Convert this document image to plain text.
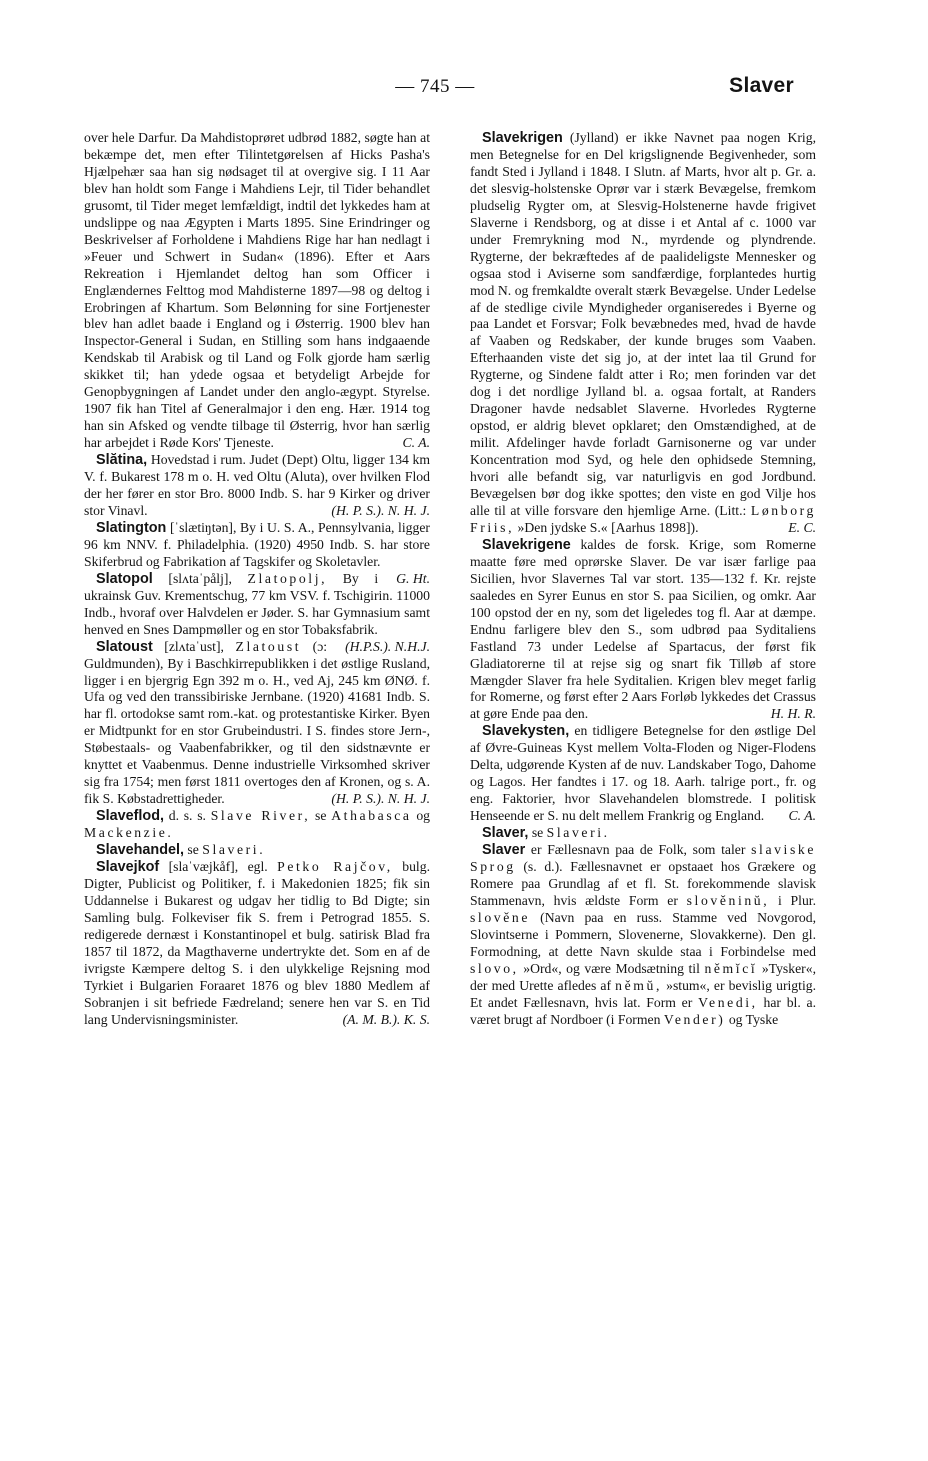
— 745 —	Slaver

over hele Darfur. Da Mahdistoprøret udbrød 1882, søgte han at bekæmpe det, men efter Tilintetgørelsen af Hicks Pasha's Hjælpehær saa han sig nødsaget til at overgive sig. I 11 Aar blev han holdt som Fange i Mahdiens Lejr, til Tider behandlet grusomt, til Tider meget lemfældigt, indtil det lykkedes ham at undslippe og naa Ægypten i Marts 1895. Sine Erindringer og Beskrivelser af Forholdene i Mahdiens Rige har han nedlagt i »Feuer und Schwert in Sudan« (1896). Efter et Aars Rekreation i Hjemlandet deltog han som Officer i Englændernes Felttog mod Mahdisterne 1897—98 og deltog i Erobringen af Khartum. Som Belønning for sine Fortjenester blev han adlet baade i England og i Østerrig. 1900 blev han Inspector-General i Sudan, en Stilling som hans indgaaende Kendskab til Arabisk og til Land og Folk gjorde ham særlig skikket til; han ydede ogsaa et betydeligt Arbejde for Genopbygningen af Landet under den anglo-ægypt. Styrelse. 1907 fik han Titel af Generalmajor i den eng. Hær. 1914 tog han sin Afsked og vendte tilbage til Østerrig, hvor han særlig har arbejdet i Røde Kors' Tjeneste.	C. A.

Slătina, Hovedstad i rum. Judet (Dept) Oltu, ligger 134 km V. f. Bukarest 178 m o. H. ved Oltu (Aluta), over hvilken Flod der her fører en stor Bro. 8000 Indb. S. har 9 Kirker og driver stor Vinavl.	(H. P. S.). N. H. J.

Slatington [ˈslætiŋtən], By i U. S. A., Pennsylvania, ligger 96 km NNV. f. Philadelphia. (1920) 4950 Indb. S. har store Skiferbrud og Fabrikation af Tagskifer og Skoletavler.
G. Ht.

Slatopol [slʌtaˈpålj], Zlatopolj, By i ukrainsk Guv. Krementschug, 77 km VSV. f. Tschigirin. 11000 Indb., hvoraf over Halvdelen er Jøder. S. har Gymnasium samt henved en Snes Dampmøller og en stor Tobaksfabrik.
(H.P.S.). N.H.J.

Slatoust [zlʌtaˈust], Zlatoust (ɔ: Guldmunden), By i Baschkirrepublikken i det østlige Rusland, ligger i en bjergrig Egn 392 m o. H., ved Aj, 245 km ØNØ. f. Ufa og ved den transsibiriske Jernbane. (1920) 41681 Indb. S. har fl. ortodokse samt rom.-kat. og protestantiske Kirker. Byen er Midtpunkt for en stor Grubeindustri. I S. findes store Jern-, Støbestaals- og Vaabenfabrikker, og til den sidstnævnte er knyttet et Vaabenmus. Denne industrielle Virksomhed skriver sig fra 1754; men først 1811 overtoges den af Kronen, og s. A. fik S. Købstadrettigheder.	(H. P. S.). N. H. J.

Slaveflod, d. s. s. Slave River, se Athabasca og Mackenzie.

Slavehandel, se Slaveri.

Slavejkof [slaˈvæjkåf], egl. Petko Rajčov, bulg. Digter, Publicist og Politiker, f. i Makedonien 1825; fik sin Uddannelse i Bukarest og udgav her tidlig to Bd Digte; sin Samling bulg. Folkeviser fik S. frem i Petrograd 1855. S. redigerede dernæst i Konstantinopel et bulg. satirisk Blad fra 1857 til 1872, da Magthaverne undertrykte det. Som en af de ivrigste Kæmpere deltog S. i den ulykkelige Rejsning mod Tyrkiet i Bulgarien Foraaret 1876 og blev 1880 Medlem af Sobranjen i sit befriede Fædreland; senere hen var S. en Tid lang Undervisningsminister.	(A. M. B.). K. S.

Slavekrigen (Jylland) er ikke Navnet paa nogen Krig, men Betegnelse for en Del krigslignende Begivenheder, som fandt Sted i Jylland i 1848. I Slutn. af Marts, hvor alt p. Gr. a. det slesvig-holstenske Oprør var i stærk Bevægelse, fremkom pludselig Rygter om, at Slesvig-Holstenerne havde frigivet Slaverne i Rendsborg, og at disse i et Antal af c. 1000 var under Fremrykning mod N., myrdende og plyndrende. Rygterne, der bekræftedes af de paalideligste Mennesker og ogsaa stod i Aviserne som sandfærdige, forplantedes hurtig mod N. og fremkaldte overalt stærk Bevægelse. Under Ledelse af de stedlige civile Myndigheder organiseredes i Byerne og paa Landet et Forsvar; Folk bevæbnedes med, hvad de havde af Vaaben og Redskaber, der kunde bruges som Vaaben. Efterhaanden viste det sig jo, at der intet laa til Grund for Rygterne, og Sindene faldt atter i Ro; men forinden var det dog i det nordlige Jylland bl. a. ogsaa fortalt, at Randers Dragoner havde nedsablet Slaverne. Hvorledes Rygterne opstod, er aldrig blevet opklaret; den Omstændighed, at de milit. Afdelinger havde forladt Garnisonerne og var under Koncentration mod Syd, og hele den ophidsede Stemning, hvori alle befandt sig, var naturligvis en god Jordbund. Bevægelsen bør dog ikke spottes; den viste en god Vilje hos alle til at ville forsvare den hjemlige Arne. (Litt.: Lønborg Friis, »Den jydske S.« [Aarhus 1898]).	E. C.

Slavekrigene kaldes de forsk. Krige, som Romerne maatte føre med oprørske Slaver. De var især farlige paa Sicilien, hvor Slavernes Tal var stort. 135—132 f. Kr. rejste saaledes en Syrer Eunus en stor S. paa Sicilien, og omkr. Aar 100 opstod der en ny, som det ligeledes tog fl. Aar at dæmpe. Endnu farligere blev den S., som udbrød paa Syditaliens Fastland 73 under Ledelse af Spartacus, der først fik Gladiatorerne til at rejse sig og snart fik Tilløb af store Mængder Slaver fra hele Syditalien. Krigen blev meget farlig for Romerne, og først efter 2 Aars Forløb lykkedes det Crassus at gøre Ende paa den.	H. H. R.

Slavekysten, en tidligere Betegnelse for den østlige Del af Øvre-Guineas Kyst mellem Volta-Floden og Niger-Flodens Delta, udgørende Kysten af de nuv. Landskaber Togo, Dahome og Lagos. Her fandtes i 17. og 18. Aarh. talrige port., fr. og eng. Faktorier, hvor Slavehandelen blomstrede. I politisk Henseende er S. nu delt mellem Frankrig og England.	C. A.

Slaver, se Slaveri.

Slaver er Fællesnavn paa de Folk, som taler slaviske Sprog (s. d.). Fællesnavnet er opstaaet hos Grækere og Romere paa Grundlag af et fl. St. forekommende slavisk Stammenavn, hvis ældste Form er slověninŭ, i Plur. slověne (Navn paa en russ. Stamme ved Novgorod, Slovintserne i Pommern, Slovenerne, Slovakkerne). Den gl. Formodning, at dette Navn skulde staa i Forbindelse med slovo, »Ord«, og være Modsætning til němĭcĭ »Tysker«, der med Urette afledes af němŭ, »stum«, er bevislig urigtig. Et andet Fællesnavn, hvis lat. Form er Venedi, har bl. a. været brugt af Nordboer (i Formen Vender) og Tyske
